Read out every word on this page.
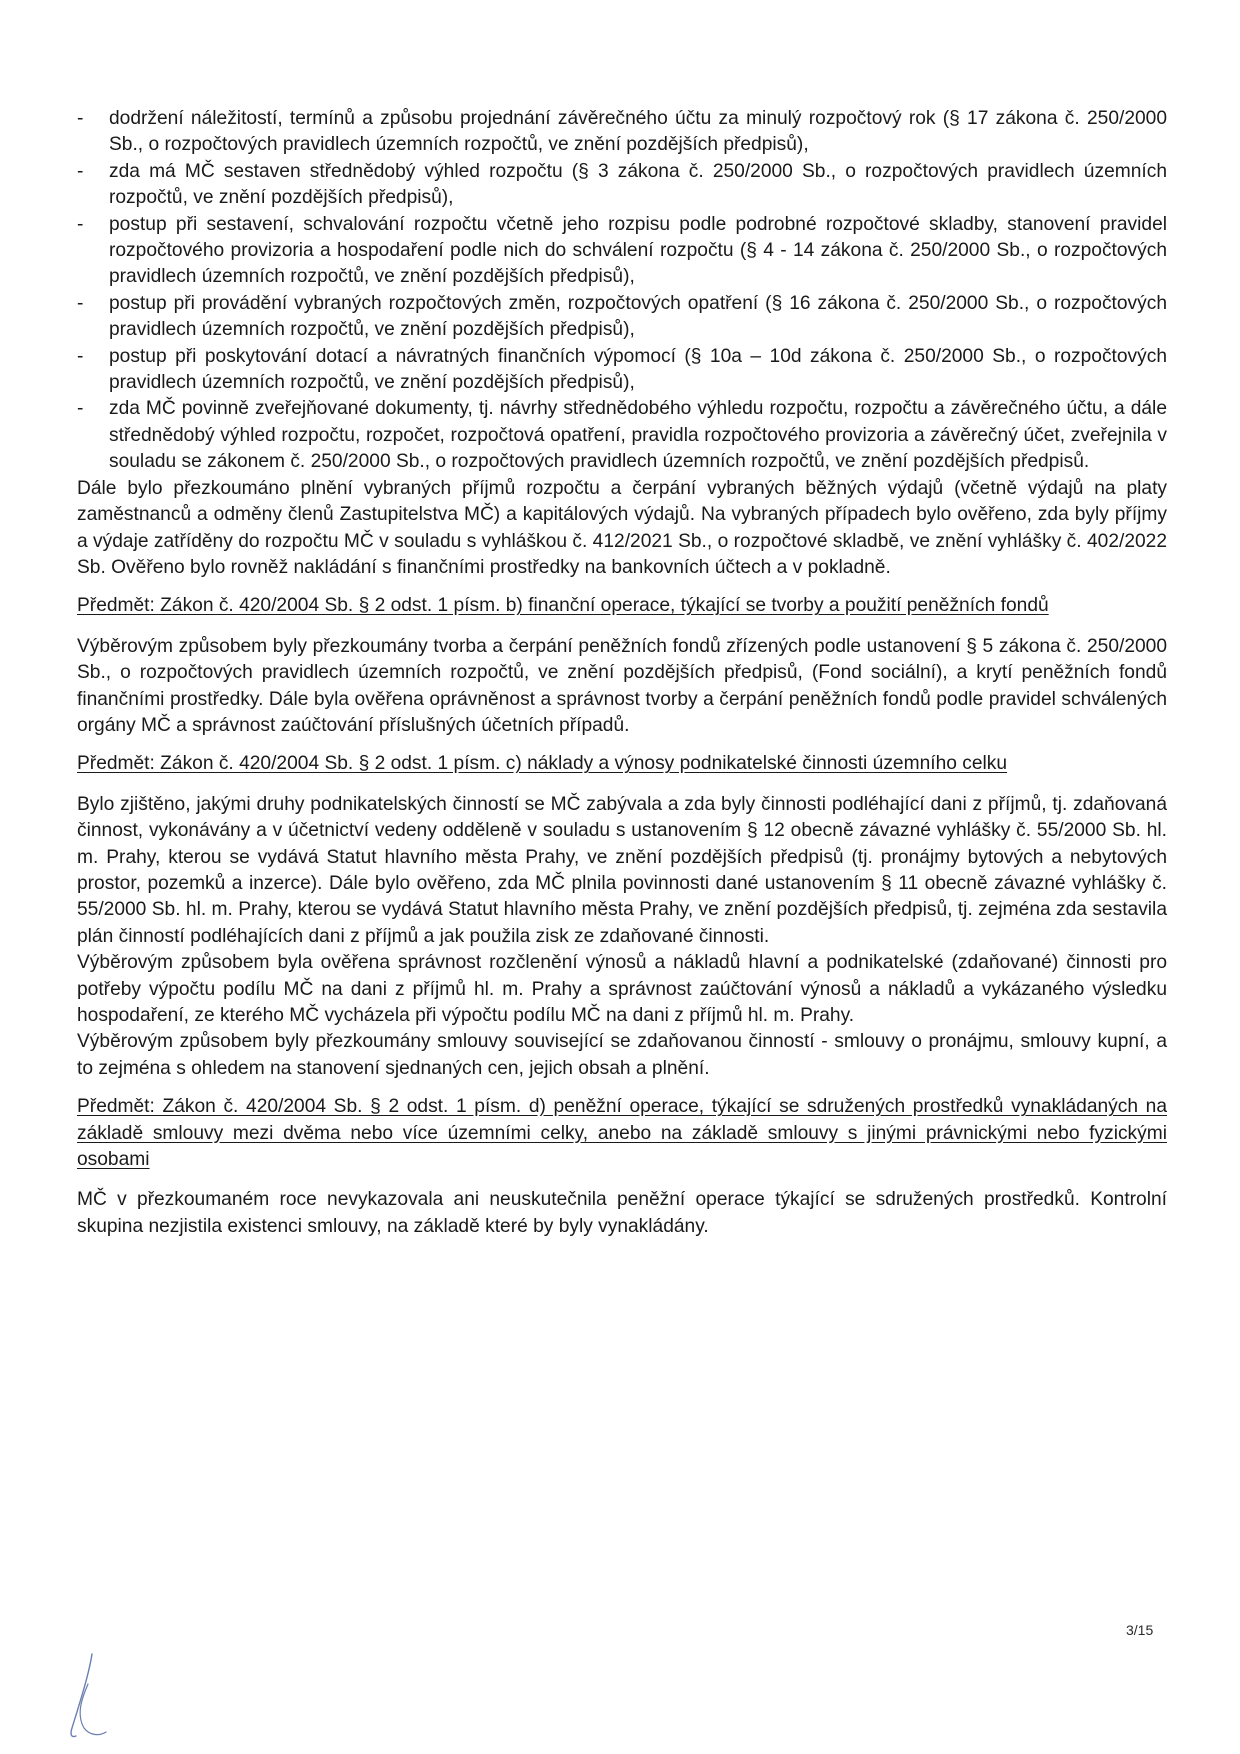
- dodržení náležitostí, termínů a způsobu projednání závěrečného účtu za minulý rozpočtový rok (§ 17 zákona č. 250/2000 Sb., o rozpočtových pravidlech územních rozpočtů, ve znění pozdějších předpisů),
- zda má MČ sestaven střednědobý výhled rozpočtu (§ 3 zákona č. 250/2000 Sb., o rozpočtových pravidlech územních rozpočtů, ve znění pozdějších předpisů),
- postup při sestavení, schvalování rozpočtu včetně jeho rozpisu podle podrobné rozpočtové skladby, stanovení pravidel rozpočtového provizoria a hospodaření podle nich do schválení rozpočtu (§ 4 - 14 zákona č. 250/2000 Sb., o rozpočtových pravidlech územních rozpočtů, ve znění pozdějších předpisů),
- postup při provádění vybraných rozpočtových změn, rozpočtových opatření (§ 16 zákona č. 250/2000 Sb., o rozpočtových pravidlech územních rozpočtů, ve znění pozdějších předpisů),
- postup při poskytování dotací a návratných finančních výpomocí (§ 10a – 10d zákona č. 250/2000 Sb., o rozpočtových pravidlech územních rozpočtů, ve znění pozdějších předpisů),
- zda MČ povinně zveřejňované dokumenty, tj. návrhy střednědobého výhledu rozpočtu, rozpočtu a závěrečného účtu, a dále střednědobý výhled rozpočtu, rozpočet, rozpočtová opatření, pravidla rozpočtového provizoria a závěrečný účet, zveřejnila v souladu se zákonem č. 250/2000 Sb., o rozpočtových pravidlech územních rozpočtů, ve znění pozdějších předpisů.

Dále bylo přezkoumáno plnění vybraných příjmů rozpočtu a čerpání vybraných běžných výdajů (včetně výdajů na platy zaměstnanců a odměny členů Zastupitelstva MČ) a kapitálových výdajů. Na vybraných případech bylo ověřeno, zda byly příjmy a výdaje zatříděny do rozpočtu MČ v souladu s vyhláškou č. 412/2021 Sb., o rozpočtové skladbě, ve znění vyhlášky č. 402/2022 Sb. Ověřeno bylo rovněž nakládání s finančními prostředky na bankovních účtech a v pokladně.

Předmět: Zákon č. 420/2004 Sb. § 2 odst. 1 písm. b) finanční operace, týkající se tvorby a použití peněžních fondů

Výběrovým způsobem byly přezkoumány tvorba a čerpání peněžních fondů zřízených podle ustanovení § 5 zákona č. 250/2000 Sb., o rozpočtových pravidlech územních rozpočtů, ve znění pozdějších předpisů, (Fond sociální), a krytí peněžních fondů finančními prostředky. Dále byla ověřena oprávněnost a správnost tvorby a čerpání peněžních fondů podle pravidel schválených orgány MČ a správnost zaúčtování příslušných účetních případů.

Předmět: Zákon č. 420/2004 Sb. § 2 odst. 1 písm. c) náklady a výnosy podnikatelské činnosti územního celku

Bylo zjištěno, jakými druhy podnikatelských činností se MČ zabývala a zda byly činnosti podléhající dani z příjmů, tj. zdaňovaná činnost, vykonávány a v účetnictví vedeny odděleně v souladu s ustanovením § 12 obecně závazné vyhlášky č. 55/2000 Sb. hl. m. Prahy, kterou se vydává Statut hlavního města Prahy, ve znění pozdějších předpisů (tj. pronájmy bytových a nebytových prostor, pozemků a inzerce). Dále bylo ověřeno, zda MČ plnila povinnosti dané ustanovením § 11 obecně závazné vyhlášky č. 55/2000 Sb. hl. m. Prahy, kterou se vydává Statut hlavního města Prahy, ve znění pozdějších předpisů, tj. zejména zda sestavila plán činností podléhajících dani z příjmů a jak použila zisk ze zdaňované činnosti.

Výběrovým způsobem byla ověřena správnost rozčlenění výnosů a nákladů hlavní a podnikatelské (zdaňované) činnosti pro potřeby výpočtu podílu MČ na dani z příjmů hl. m. Prahy a správnost zaúčtování výnosů a nákladů a vykázaného výsledku hospodaření, ze kterého MČ vycházela při výpočtu podílu MČ na dani z příjmů hl. m. Prahy.

Výběrovým způsobem byly přezkoumány smlouvy související se zdaňovanou činností - smlouvy o pronájmu, smlouvy kupní, a to zejména s ohledem na stanovení sjednaných cen, jejich obsah a plnění.

Předmět: Zákon č. 420/2004 Sb. § 2 odst. 1 písm. d) peněžní operace, týkající se sdružených prostředků vynakládaných na základě smlouvy mezi dvěma nebo více územními celky, anebo na základě smlouvy s jinými právnickými nebo fyzickými osobami

MČ v přezkoumaném roce nevykazovala ani neuskutečnila peněžní operace týkající se sdružených prostředků. Kontrolní skupina nezjistila existenci smlouvy, na základě které by byly vynakládány.

3/15
